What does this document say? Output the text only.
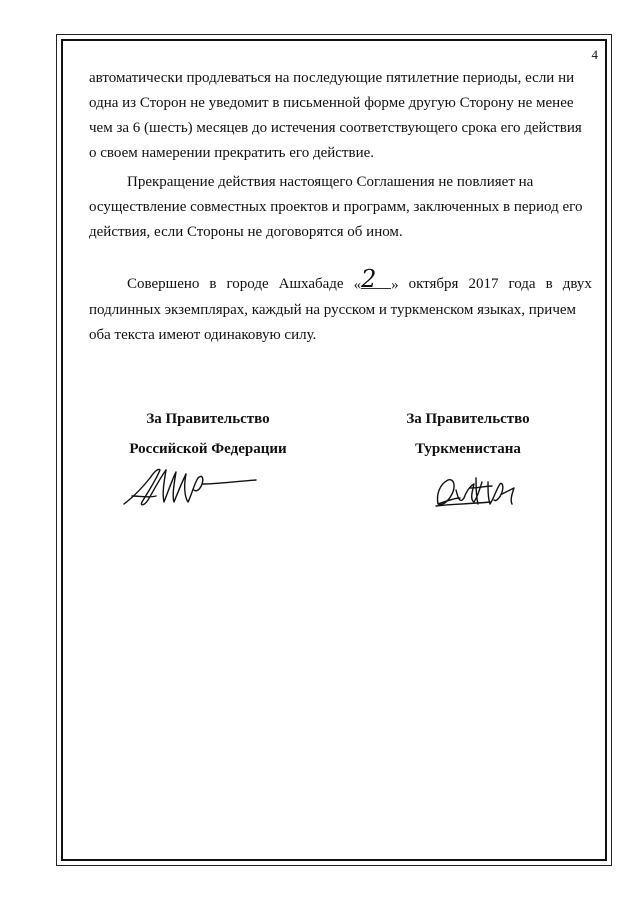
4

автоматически продлеваться на последующие пятилетние периоды, если ни

одна из Сторон не уведомит в письменной форме другую Сторону не менее

чем за 6 (шесть) месяцев до истечения соответствующего срока его действия

о своем намерении прекратить его действие.

Прекращение действия настоящего Соглашения не повлияет на

осуществление совместных проектов и программ, заключенных в период его

действия, если Стороны не договорятся об ином.

Совершено в городе Ашхабаде «2 » октября 2017 года в двух

подлинных экземплярах, каждый на русском и туркменском языках, причем

оба текста имеют одинаковую силу.

За Правительство
Российской Федерации
За Правительство
Туркменистана
